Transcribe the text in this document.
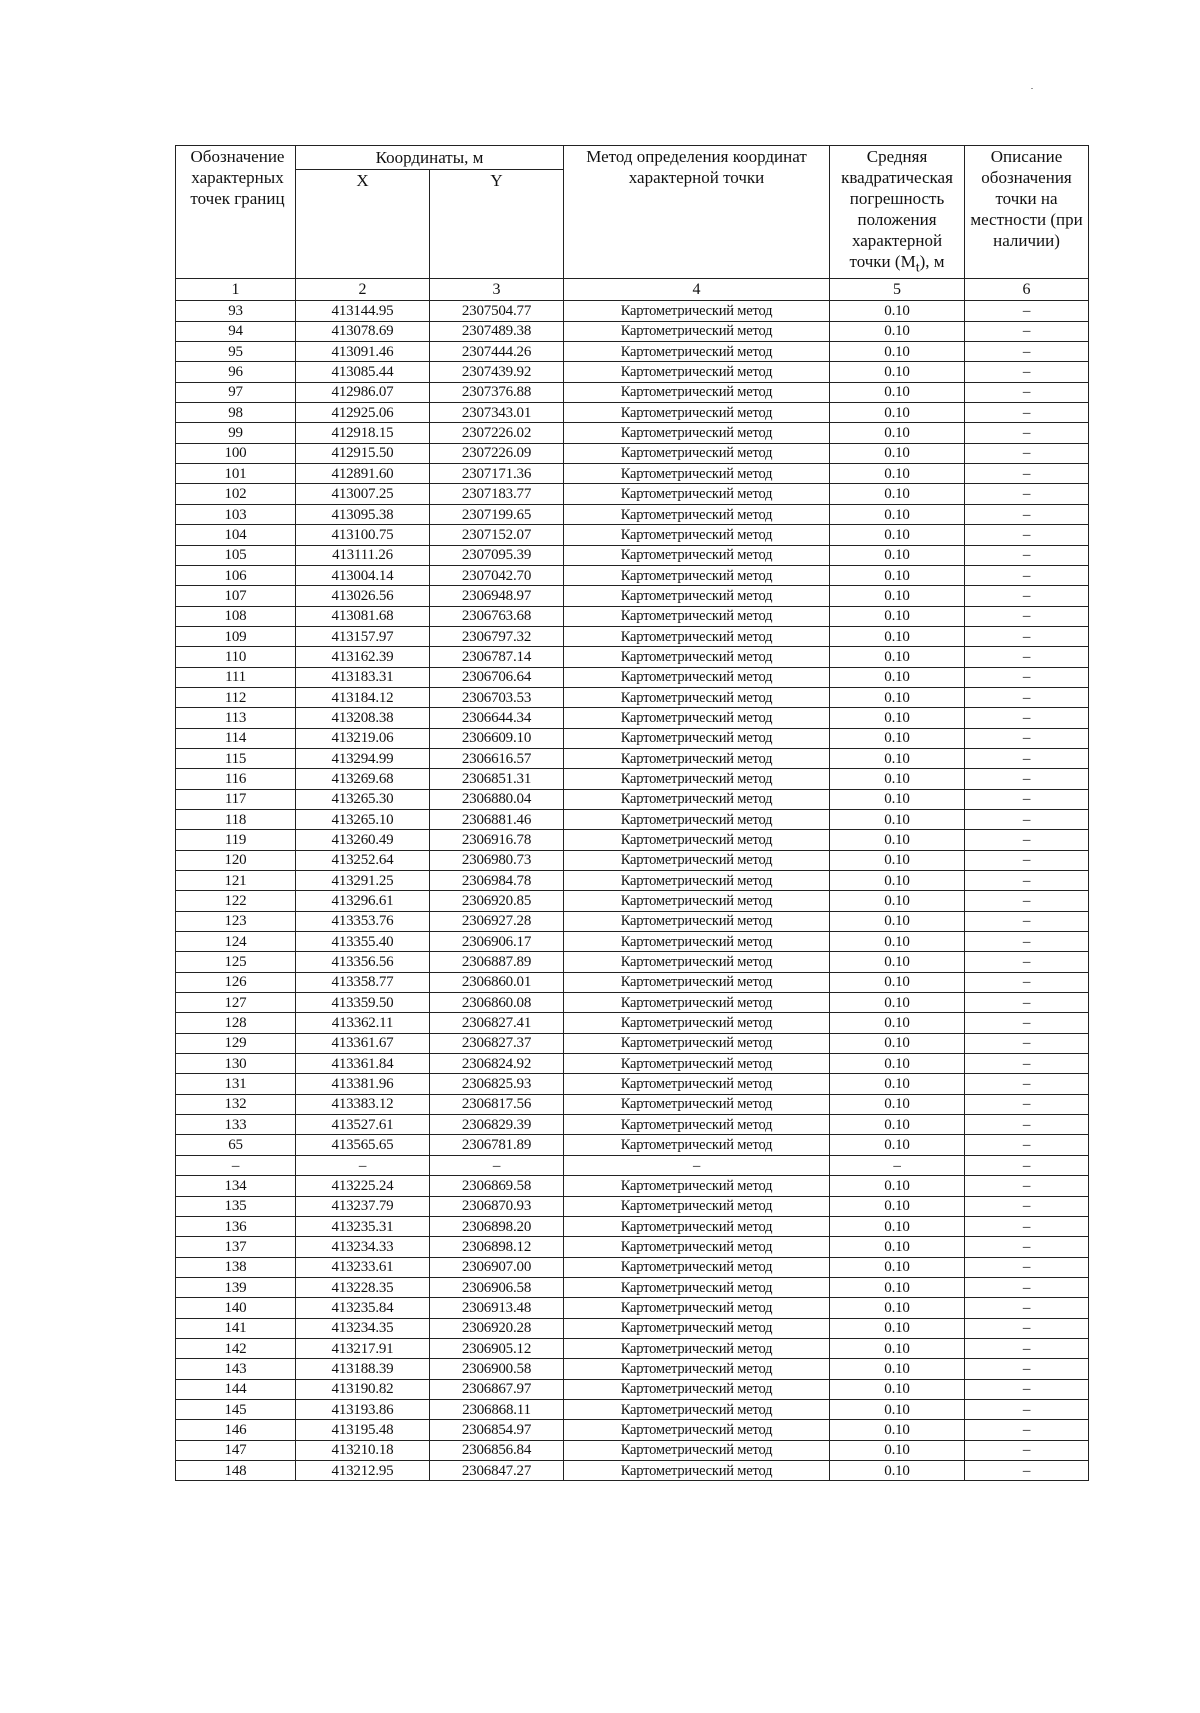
Обозначение характерных точек границ	Координаты, м		Метод определения координат характерной точки	Средняя квадратическая погрешность положения характерной точки $(M_t)$, м	Описание обозначения точки на местности (при наличии)
	X	Y			
1	2	3	4	5	6
93	413144.95	2307504.77	Картометрический метод	0.10	–
94	413078.69	2307489.38	Картометрический метод	0.10	–
95	413091.46	2307444.26	Картометрический метод	0.10	–
96	413085.44	2307439.92	Картометрический метод	0.10	–
97	412986.07	2307376.88	Картометрический метод	0.10	–
98	412925.06	2307343.01	Картометрический метод	0.10	–
99	412918.15	2307226.02	Картометрический метод	0.10	–
100	412915.50	2307226.09	Картометрический метод	0.10	–
101	412891.60	2307171.36	Картометрический метод	0.10	–
102	413007.25	2307183.77	Картометрический метод	0.10	–
103	413095.38	2307199.65	Картометрический метод	0.10	–
104	413100.75	2307152.07	Картометрический метод	0.10	–
105	413111.26	2307095.39	Картометрический метод	0.10	–
106	413004.14	2307042.70	Картометрический метод	0.10	–
107	413026.56	2306948.97	Картометрический метод	0.10	–
108	413081.68	2306763.68	Картометрический метод	0.10	–
109	413157.97	2306797.32	Картометрический метод	0.10	–
110	413162.39	2306787.14	Картометрический метод	0.10	–
111	413183.31	2306706.64	Картометрический метод	0.10	–
112	413184.12	2306703.53	Картометрический метод	0.10	–
113	413208.38	2306644.34	Картометрический метод	0.10	–
114	413219.06	2306609.10	Картометрический метод	0.10	–
115	413294.99	2306616.57	Картометрический метод	0.10	–
116	413269.68	2306851.31	Картометрический метод	0.10	–
117	413265.30	2306880.04	Картометрический метод	0.10	–
118	413265.10	2306881.46	Картометрический метод	0.10	–
119	413260.49	2306916.78	Картометрический метод	0.10	–
120	413252.64	2306980.73	Картометрический метод	0.10	–
121	413291.25	2306984.78	Картометрический метод	0.10	–
122	413296.61	2306920.85	Картометрический метод	0.10	–
123	413353.76	2306927.28	Картометрический метод	0.10	–
124	413355.40	2306906.17	Картометрический метод	0.10	–
125	413356.56	2306887.89	Картометрический метод	0.10	–
126	413358.77	2306860.01	Картометрический метод	0.10	–
127	413359.50	2306860.08	Картометрический метод	0.10	–
128	413362.11	2306827.41	Картометрический метод	0.10	–
129	413361.67	2306827.37	Картометрический метод	0.10	–
130	413361.84	2306824.92	Картометрический метод	0.10	–
131	413381.96	2306825.93	Картометрический метод	0.10	–
132	413383.12	2306817.56	Картометрический метод	0.10	–
133	413527.61	2306829.39	Картометрический метод	0.10	–
65	413565.65	2306781.89	Картометрический метод	0.10	–
–	–	–	–	–	–
134	413225.24	2306869.58	Картометрический метод	0.10	–
135	413237.79	2306870.93	Картометрический метод	0.10	–
136	413235.31	2306898.20	Картометрический метод	0.10	–
137	413234.33	2306898.12	Картометрический метод	0.10	–
138	413233.61	2306907.00	Картометрический метод	0.10	–
139	413228.35	2306906.58	Картометрический метод	0.10	–
140	413235.84	2306913.48	Картометрический метод	0.10	–
141	413234.35	2306920.28	Картометрический метод	0.10	–
142	413217.91	2306905.12	Картометрический метод	0.10	–
143	413188.39	2306900.58	Картометрический метод	0.10	–
144	413190.82	2306867.97	Картометрический метод	0.10	–
145	413193.86	2306868.11	Картометрический метод	0.10	–
146	413195.48	2306854.97	Картометрический метод	0.10	–
147	413210.18	2306856.84	Картометрический метод	0.10	–
148	413212.95	2306847.27	Картометрический метод	0.10	–
